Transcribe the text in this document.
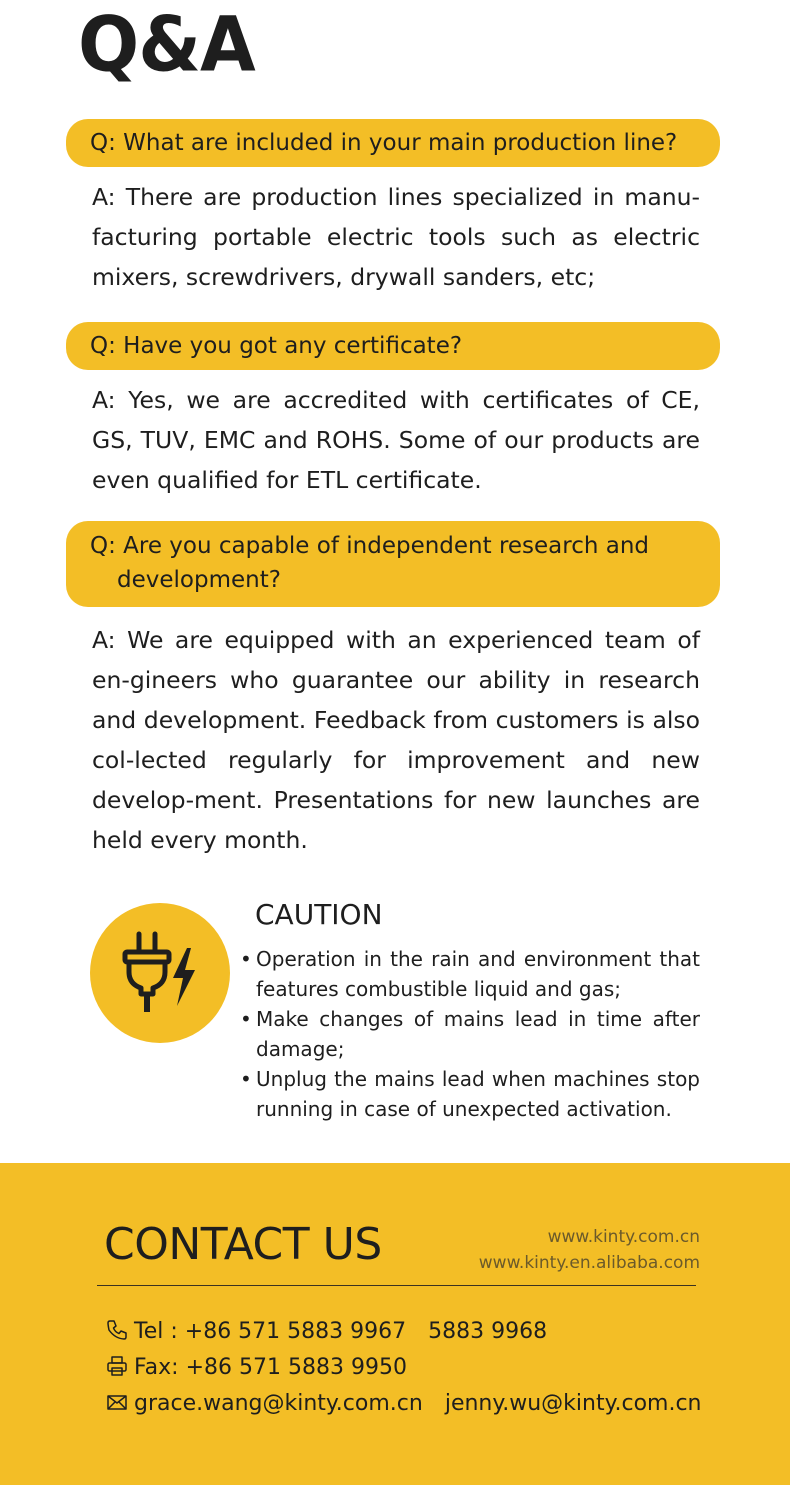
Q&A
Q: What are included in your main production line?
A: There are production lines specialized in manu-facturing portable electric tools such as electric mixers, screwdrivers, drywall sanders, etc;
Q: Have you got any certificate?
A: Yes, we are accredited with certificates of CE, GS, TUV, EMC and ROHS. Some of our products are even qualified for ETL certificate.
Q: Are you capable of independent research and development?
A: We are equipped with an experienced team of en-gineers who guarantee our ability in research and development. Feedback from customers is also col-lected regularly for improvement and new develop-ment. Presentations for new launches are held every month.
CAUTION
• Operation in the rain and environment that features combustible liquid and gas;
• Make changes of mains lead in time after damage;
• Unplug the mains lead when machines stop running in case of unexpected activation.
CONTACT US	www.kinty.com.cn
www.kinty.en.alibaba.com
Tel : +86 571 5883 9967 5883 9968
Fax: +86 571 5883 9950
grace.wang@kinty.com.cn jenny.wu@kinty.com.cn
